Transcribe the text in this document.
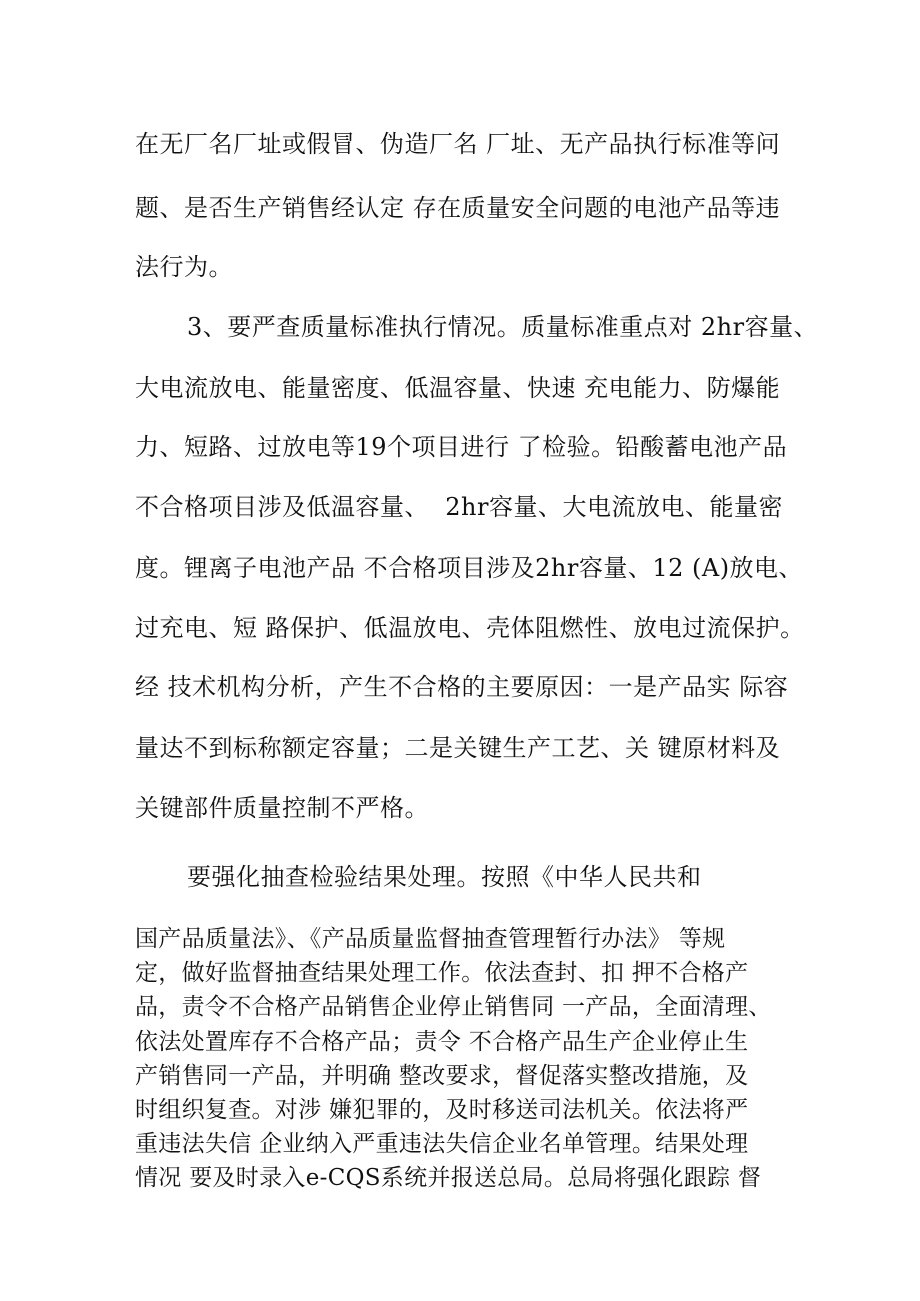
在无厂名厂址或假冒、伪造厂名 厂址、无产品执行标准等问
题、是否生产销售经认定 存在质量安全问题的电池产品等违
法行为。
3、要严查质量标准执行情况。质量标准重点对 2hr容量、
大电流放电、能量密度、低温容量、快速 充电能力、防爆能
力、短路、过放电等19个项目进行 了检验。铅酸蓄电池产品
不合格项目涉及低温容量、  2hr容量、大电流放电、能量密
度。锂离子电池产品 不合格项目涉及2hr容量、12 (A)放电、
过充电、短 路保护、低温放电、壳体阻燃性、放电过流保护。
经 技术机构分析，产生不合格的主要原因：一是产品实 际容
量达不到标称额定容量；二是关键生产工艺、关 键原材料及
关键部件质量控制不严格。
要强化抽查检验结果处理。按照《中华人民共和
国产品质量法》、《产品质量监督抽查管理暂行办法》 等规
定，做好监督抽查结果处理工作。依法查封、扣 押不合格产
品，责令不合格产品销售企业停止销售同 一产品，全面清理、
依法处置库存不合格产品；责令 不合格产品生产企业停止生
产销售同一产品，并明确 整改要求，督促落实整改措施，及
时组织复查。对涉 嫌犯罪的，及时移送司法机关。依法将严
重违法失信 企业纳入严重违法失信企业名单管理。结果处理
情况 要及时录入e-CQS系统并报送总局。总局将强化跟踪 督
